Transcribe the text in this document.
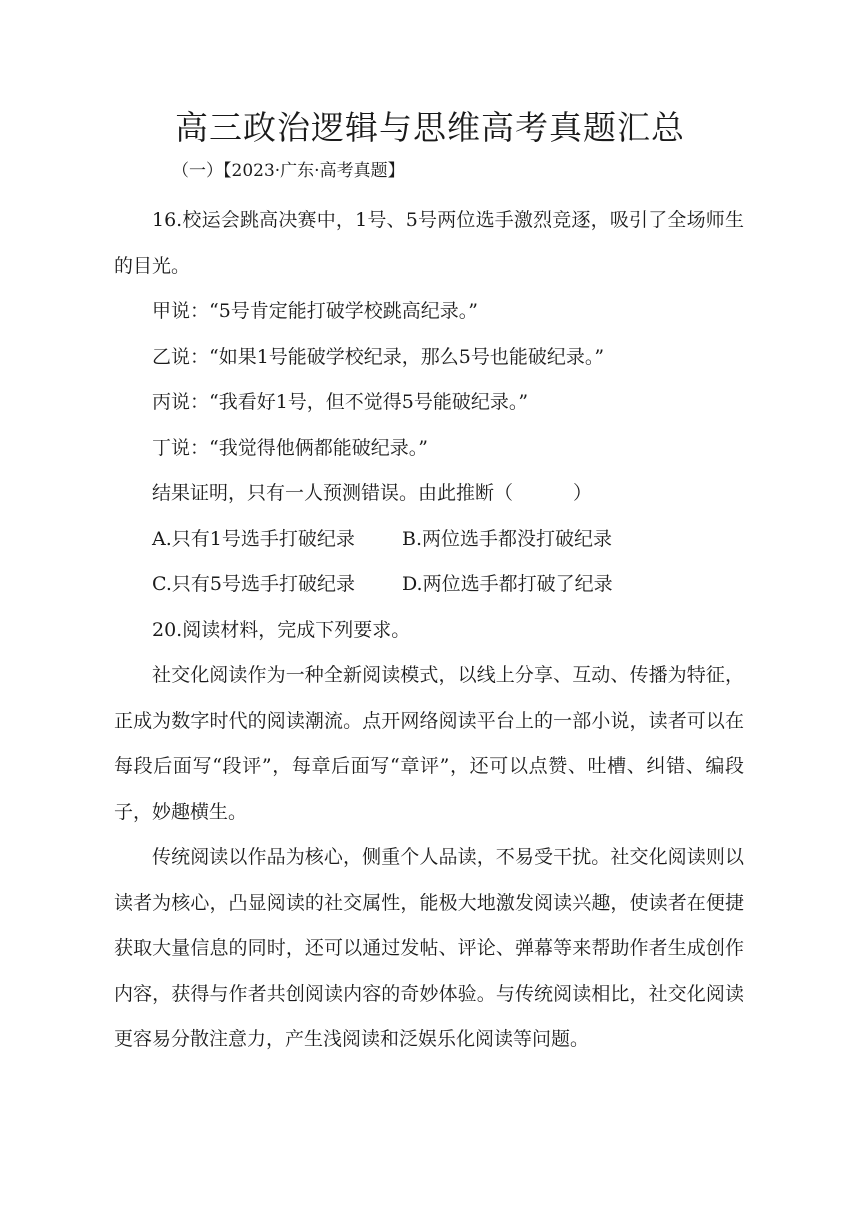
高三政治逻辑与思维高考真题汇总
（一）【2023·广东·高考真题】

16.校运会跳高决赛中，1号、5号两位选手激烈竞逐，吸引了全场师生的目光。

甲说：“5号肯定能打破学校跳高纪录。”

乙说：“如果1号能破学校纪录，那么5号也能破纪录。”

丙说：“我看好1号，但不觉得5号能破纪录。”

丁说：“我觉得他俩都能破纪录。”

结果证明，只有一人预测错误。由此推断（	）

A.只有1号选手打破纪录 B.两位选手都没打破纪录

C.只有5号选手打破纪录 D.两位选手都打破了纪录

20.阅读材料，完成下列要求。

社交化阅读作为一种全新阅读模式，以线上分享、互动、传播为特征，正成为数字时代的阅读潮流。点开网络阅读平台上的一部小说，读者可以在每段后面写“段评”，每章后面写“章评”，还可以点赞、吐槽、纠错、编段子，妙趣横生。

传统阅读以作品为核心，侧重个人品读，不易受干扰。社交化阅读则以读者为核心，凸显阅读的社交属性，能极大地激发阅读兴趣，使读者在便捷获取大量信息的同时，还可以通过发帖、评论、弹幕等来帮助作者生成创作内容，获得与作者共创阅读内容的奇妙体验。与传统阅读相比，社交化阅读更容易分散注意力，产生浅阅读和泛娱乐化阅读等问题。
